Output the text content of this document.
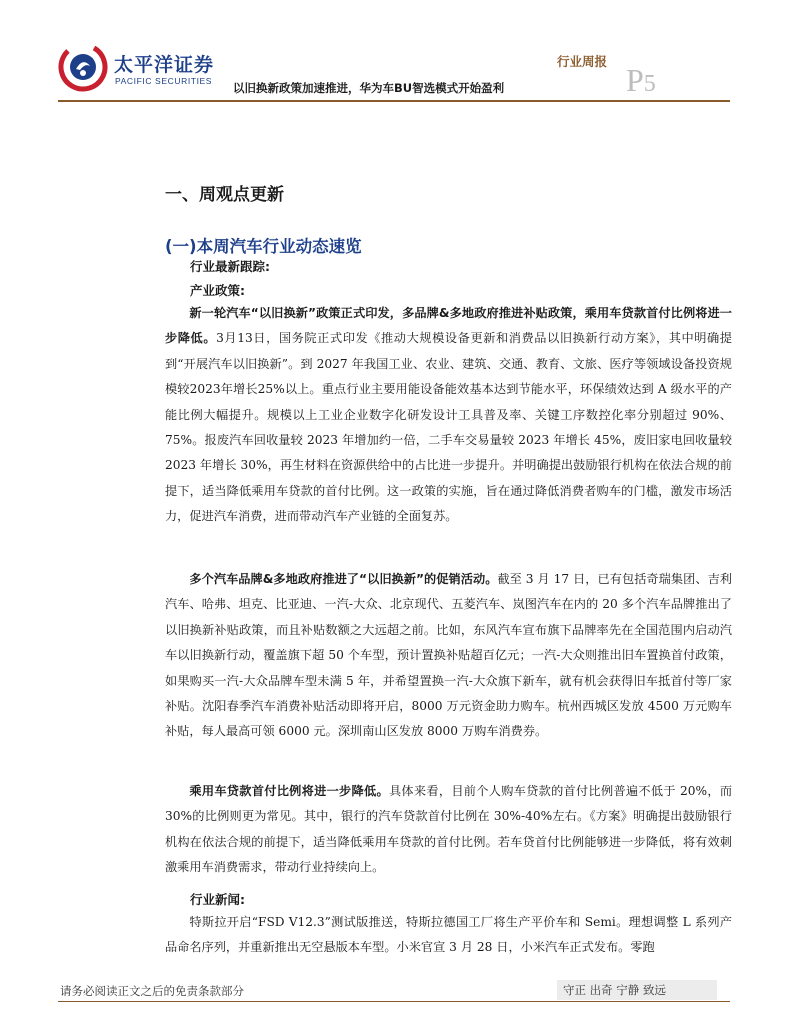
太平洋证券
PACIFIC SECURITIES 以旧换新政策加速推进，华为车BU智选模式开始盈利
行业周报
P5
一、周观点更新
(一)本周汽车行业动态速览
行业最新跟踪:
产业政策:
新一轮汽车“以旧换新”政策正式印发，多品牌&多地政府推进补贴政策，乘用车贷款首付比例将进一步降低。3月13日，国务院正式印发《推动大规模设备更新和消费品以旧换新行动方案》，其中明确提到“开展汽车以旧换新”。到 2027 年我国工业、农业、建筑、交通、教育、文旅、医疗等领域设备投资规模较2023年增长25%以上。重点行业主要用能设备能效基本达到节能水平，环保绩效达到 A 级水平的产能比例大幅提升。规模以上工业企业数字化研发设计工具普及率、关键工序数控化率分别超过 90%、75%。报废汽车回收量较 2023 年增加约一倍，二手车交易量较 2023 年增长 45%，废旧家电回收量较 2023 年增长 30%，再生材料在资源供给中的占比进一步提升。并明确提出鼓励银行机构在依法合规的前提下，适当降低乘用车贷款的首付比例。这一政策的实施，旨在通过降低消费者购车的门槛，激发市场活力，促进汽车消费，进而带动汽车产业链的全面复苏。
多个汽车品牌&多地政府推进了“以旧换新”的促销活动。截至 3 月 17 日，已有包括奇瑞集团、吉利汽车、哈弗、坦克、比亚迪、一汽-大众、北京现代、五菱汽车、岚图汽车在内的 20 多个汽车品牌推出了以旧换新补贴政策，而且补贴数额之大远超之前。比如，东风汽车宣布旗下品牌率先在全国范围内启动汽车以旧换新行动，覆盖旗下超 50 个车型，预计置换补贴超百亿元；一汽-大众则推出旧车置换首付政策，如果购买一汽-大众品牌车型未满 5 年，并希望置换一汽-大众旗下新车，就有机会获得旧车抵首付等厂家补贴。沈阳春季汽车消费补贴活动即将开启，8000 万元资金助力购车。杭州西城区发放 4500 万元购车补贴，每人最高可领 6000 元。深圳南山区发放 8000 万购车消费券。
乘用车贷款首付比例将进一步降低。具体来看，目前个人购车贷款的首付比例普遍不低于 20%，而 30%的比例则更为常见。其中，银行的汽车贷款首付比例在 30%-40%左右。《方案》明确提出鼓励银行机构在依法合规的前提下，适当降低乘用车贷款的首付比例。若车贷首付比例能够进一步降低，将有效刺激乘用车消费需求，带动行业持续向上。
行业新闻:
特斯拉开启“FSD V12.3”测试版推送，特斯拉德国工厂将生产平价车和 Semi。理想调整 L 系列产品命名序列，并重新推出无空悬版本车型。小米官宣 3 月 28 日，小米汽车正式发布。零跑
请务必阅读正文之后的免责条款部分	守正 出奇 宁静 致远
